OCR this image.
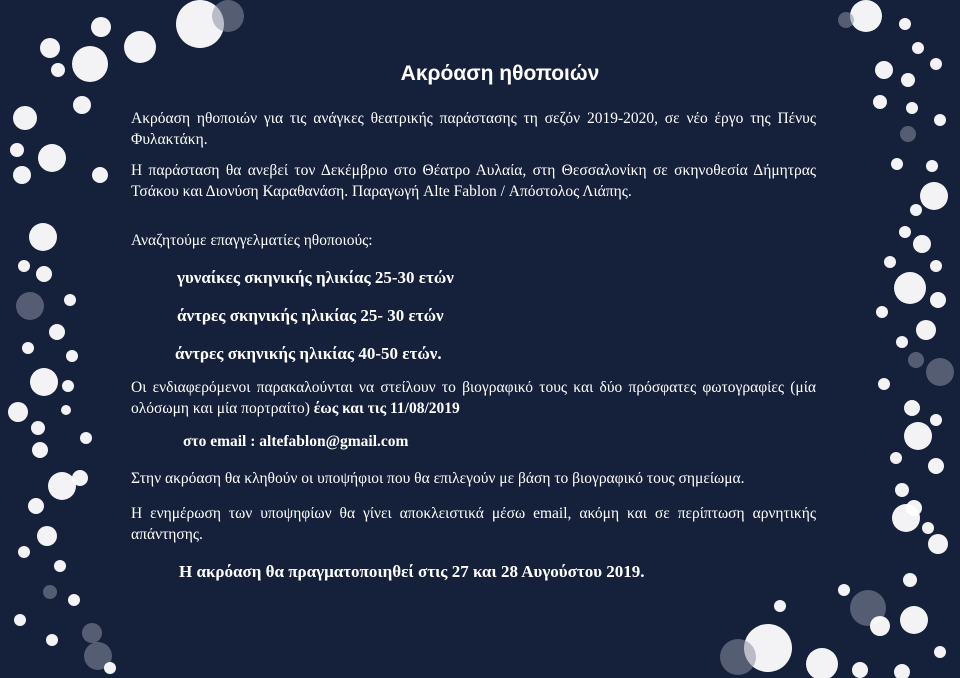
Ακρόαση ηθοποιών

Ακρόαση ηθοποιών για τις ανάγκες θεατρικής παράστασης τη σεζόν 2019-2020, σε νέο έργο της Πένυς Φυλακτάκη.

Η παράσταση θα ανεβεί τον Δεκέμβριο στο Θέατρο Αυλαία, στη Θεσσαλονίκη σε σκηνοθεσία Δήμητρας Τσάκου και Διονύση Καραθανάση. Παραγωγή Alte Fablon / Απόστολος Λιάπης.

Αναζητούμε επαγγελματίες ηθοποιούς:

γυναίκες σκηνικής ηλικίας 25-30 ετών

άντρες σκηνικής ηλικίας 25- 30 ετών

άντρες σκηνικής ηλικίας 40-50 ετών.

Οι ενδιαφερόμενοι παρακαλούνται να στείλουν το βιογραφικό τους και δύο πρόσφατες φωτογραφίες (μία ολόσωμη και μία πορτραίτο) έως και τις 11/08/2019

στο email : altefablon@gmail.com

Στην ακρόαση θα κληθούν οι υποψήφιοι που θα επιλεγούν με βάση το βιογραφικό τους σημείωμα.

Η ενημέρωση των υποψηφίων θα γίνει αποκλειστικά μέσω email, ακόμη και σε περίπτωση αρνητικής απάντησης.

Η ακρόαση θα πραγματοποιηθεί στις 27 και 28 Αυγούστου 2019.
